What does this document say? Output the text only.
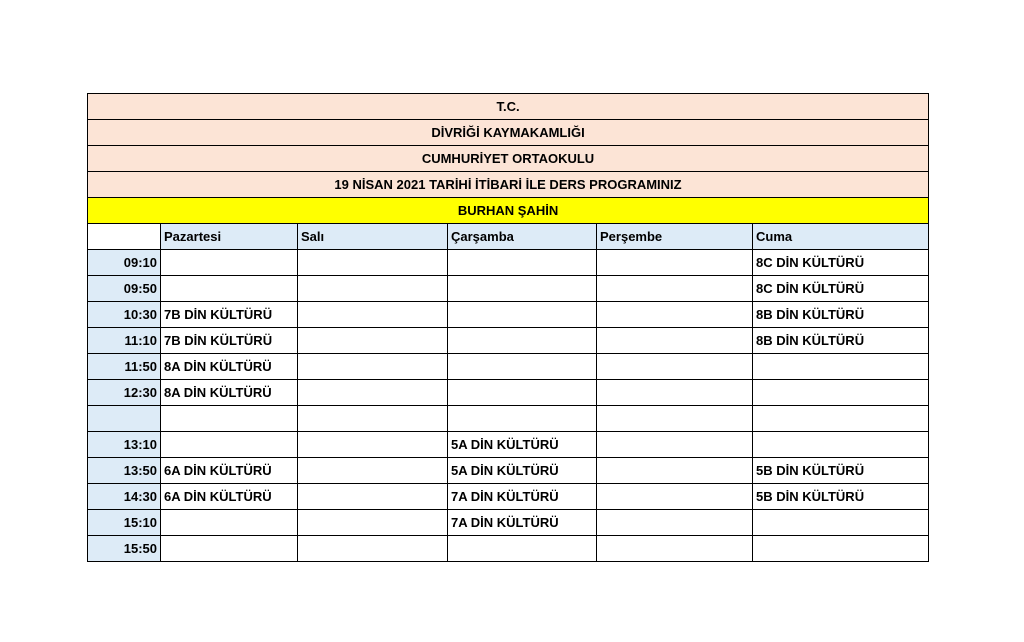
T.C.					
DİVRİĞİ KAYMAKAMLIĞI					
CUMHURİYET ORTAOKULU					
19 NİSAN 2021 TARİHİ İTİBARİ İLE DERS PROGRAMINIZ					
BURHAN ŞAHİN					
	Pazartesi	Salı	Çarşamba	Perşembe	Cuma
09:10					8C DİN KÜLTÜRÜ
09:50					8C DİN KÜLTÜRÜ
10:30	7B DİN KÜLTÜRÜ				8B DİN KÜLTÜRÜ
11:10	7B DİN KÜLTÜRÜ				8B DİN KÜLTÜRÜ
11:50	8A DİN KÜLTÜRÜ				
12:30	8A DİN KÜLTÜRÜ				

13:10			5A DİN KÜLTÜRÜ		
13:50	6A DİN KÜLTÜRÜ		5A DİN KÜLTÜRÜ		5B DİN KÜLTÜRÜ
14:30	6A DİN KÜLTÜRÜ		7A DİN KÜLTÜRÜ		5B DİN KÜLTÜRÜ
15:10			7A DİN KÜLTÜRÜ		
15:50					
